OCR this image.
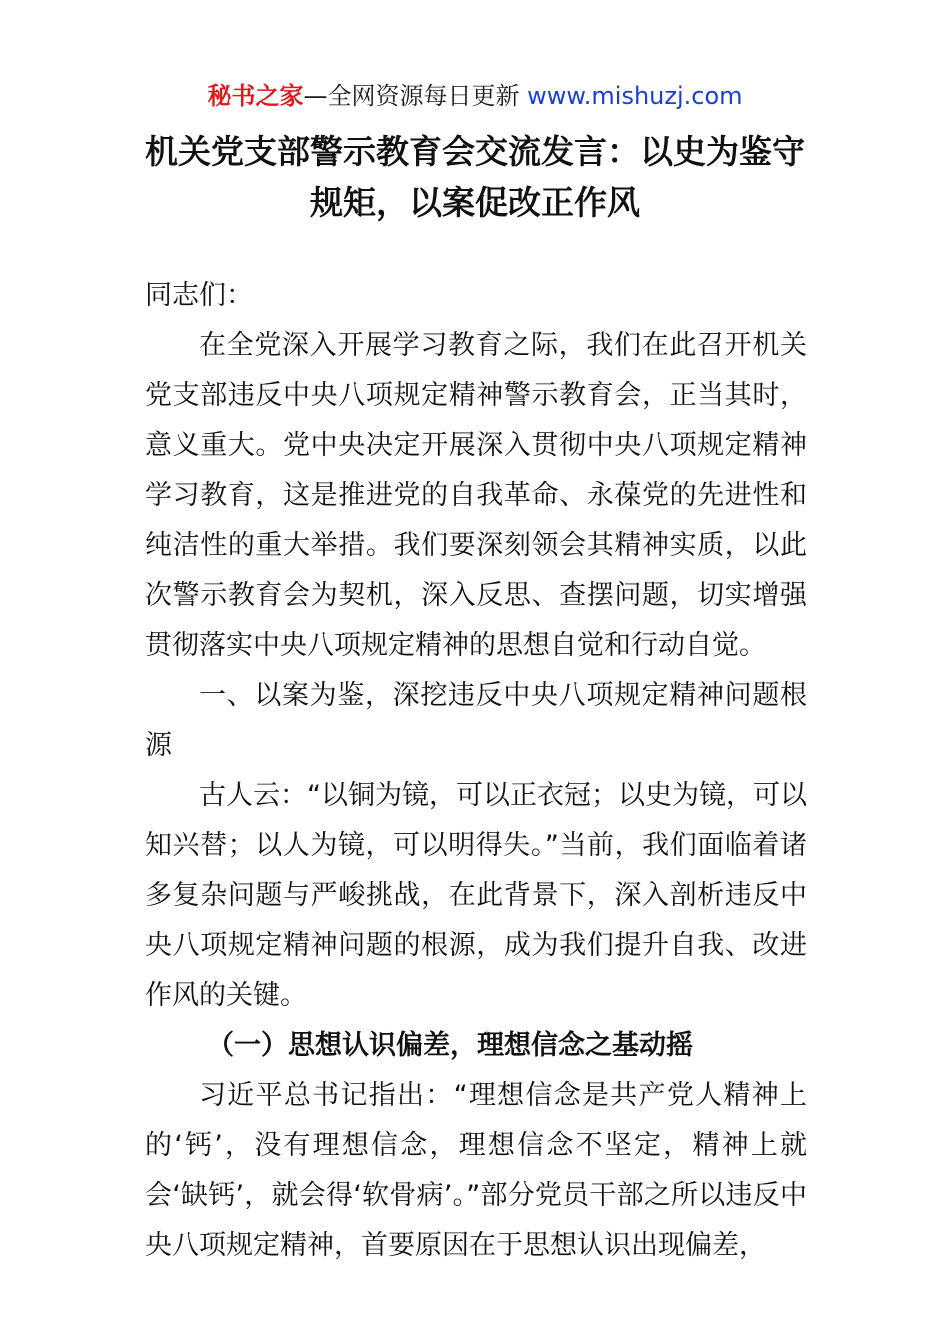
秘书之家—全网资源每日更新 www.mishuzj.com
机关党支部警示教育会交流发言：以史为鉴守规矩，以案促改正作风

同志们：

在全党深入开展学习教育之际，我们在此召开机关党支部违反中央八项规定精神警示教育会，正当其时，意义重大。党中央决定开展深入贯彻中央八项规定精神学习教育，这是推进党的自我革命、永葆党的先进性和纯洁性的重大举措。我们要深刻领会其精神实质，以此次警示教育会为契机，深入反思、查摆问题，切实增强贯彻落实中央八项规定精神的思想自觉和行动自觉。

一、以案为鉴，深挖违反中央八项规定精神问题根源

古人云：“以铜为镜，可以正衣冠；以史为镜，可以知兴替；以人为镜，可以明得失。”当前，我们面临着诸多复杂问题与严峻挑战，在此背景下，深入剖析违反中央八项规定精神问题的根源，成为我们提升自我、改进作风的关键。

（一）思想认识偏差，理想信念之基动摇

习近平总书记指出：“理想信念是共产党人精神上的‘钙’，没有理想信念，理想信念不坚定，精神上就会‘缺钙’，就会得‘软骨病’。”部分党员干部之所以违反中央八项规定精神，首要原因在于思想认识出现偏差，
